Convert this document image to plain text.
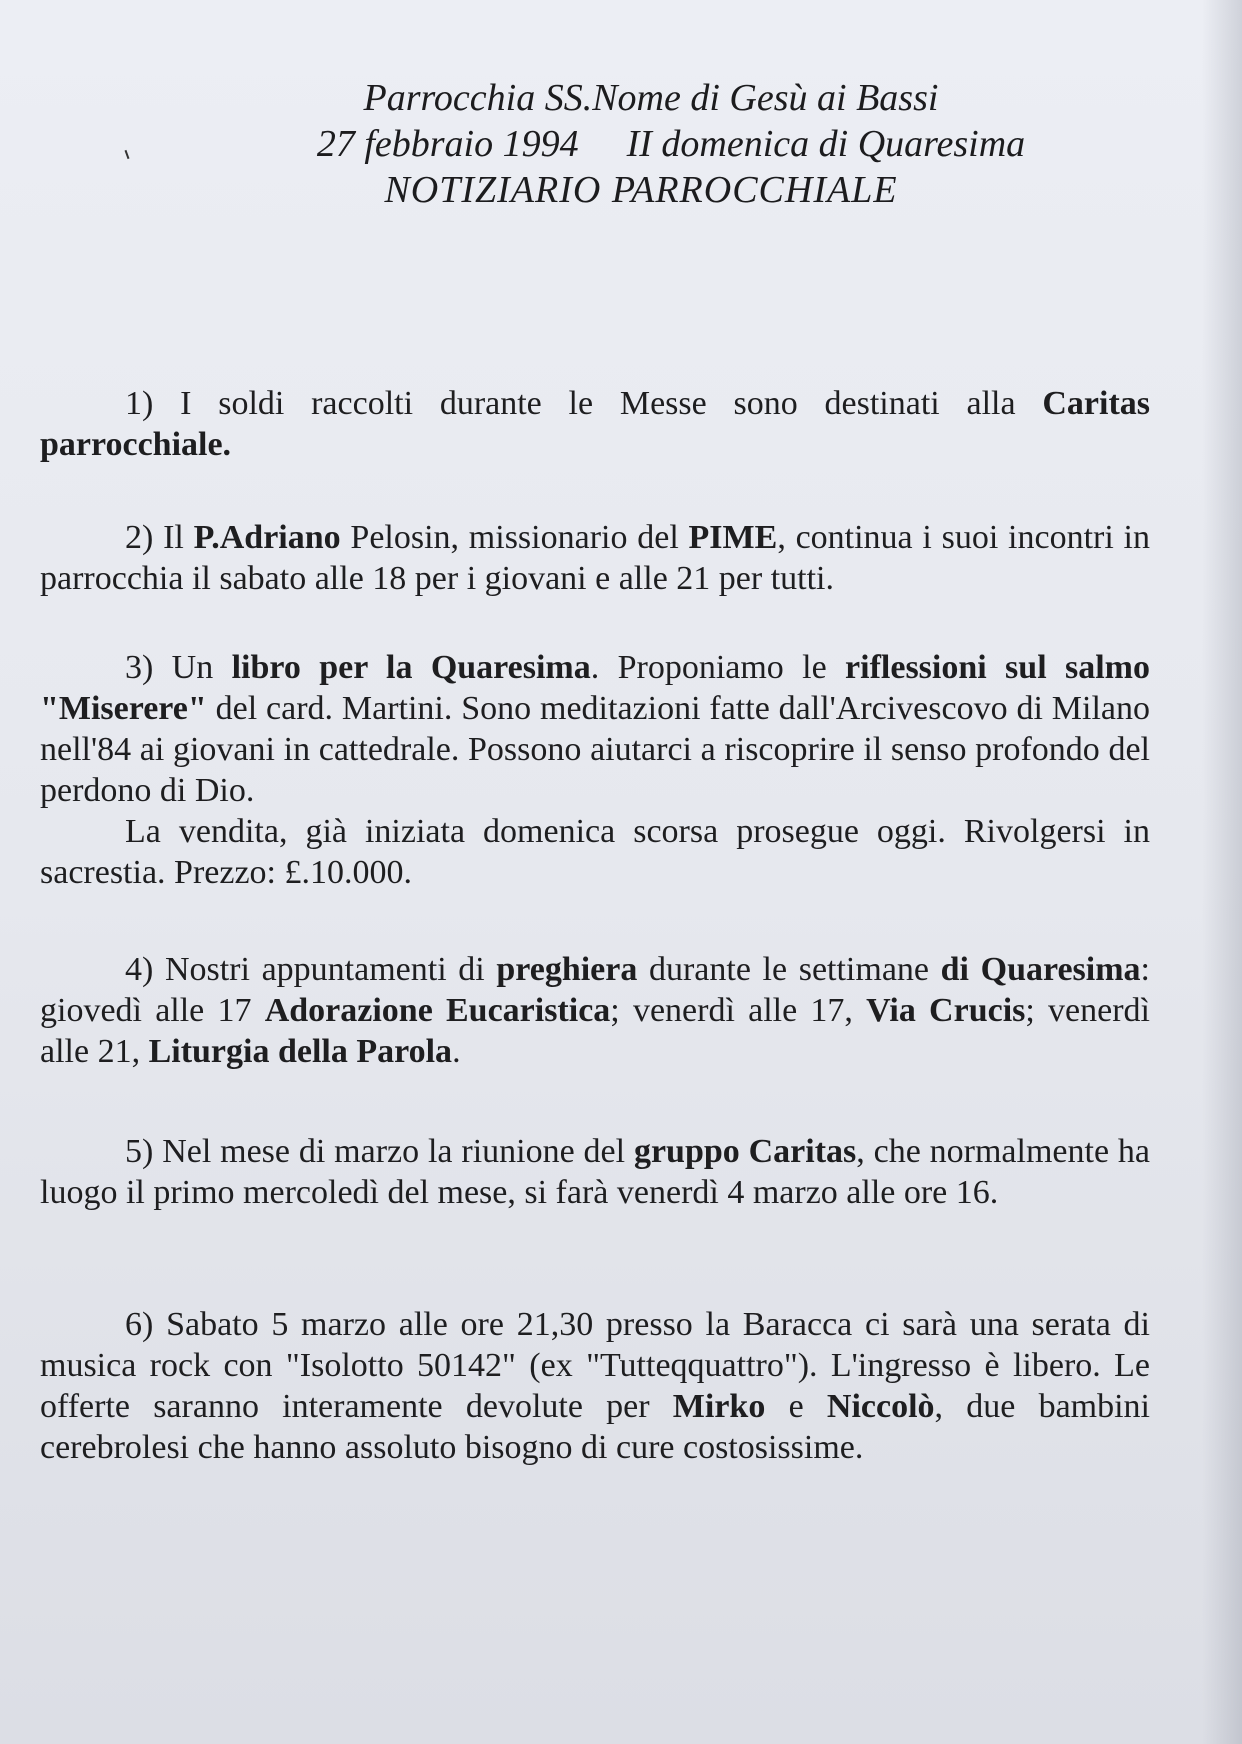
Parrocchia SS.Nome di Gesù ai Bassi
27 febbraio 1994 II domenica di Quaresima
NOTIZIARIO PARROCCHIALE

1) I soldi raccolti durante le Messe sono destinati alla Caritas parrocchiale.

2) Il P.Adriano Pelosin, missionario del PIME, continua i suoi incontri in parrocchia il sabato alle 18 per i giovani e alle 21 per tutti.

3) Un libro per la Quaresima. Proponiamo le riflessioni sul salmo "Miserere" del card. Martini. Sono meditazioni fatte dall'Arcivescovo di Milano nell'84 ai giovani in cattedrale. Possono aiutarci a riscoprire il senso profondo del perdono di Dio.

La vendita, già iniziata domenica scorsa prosegue oggi. Rivolgersi in sacrestia. Prezzo: £.10.000.

4) Nostri appuntamenti di preghiera durante le settimane di Quaresima: giovedì alle 17 Adorazione Eucaristica; venerdì alle 17, Via Crucis; venerdì alle 21, Liturgia della Parola.

5) Nel mese di marzo la riunione del gruppo Caritas, che normalmente ha luogo il primo mercoledì del mese, si farà venerdì 4 marzo alle ore 16.

6) Sabato 5 marzo alle ore 21,30 presso la Baracca ci sarà una serata di musica rock con "Isolotto 50142" (ex "Tutteqquattro"). L'ingresso è libero. Le offerte saranno interamente devolute per Mirko e Niccolò, due bambini cerebrolesi che hanno assoluto bisogno di cure costosissime.
